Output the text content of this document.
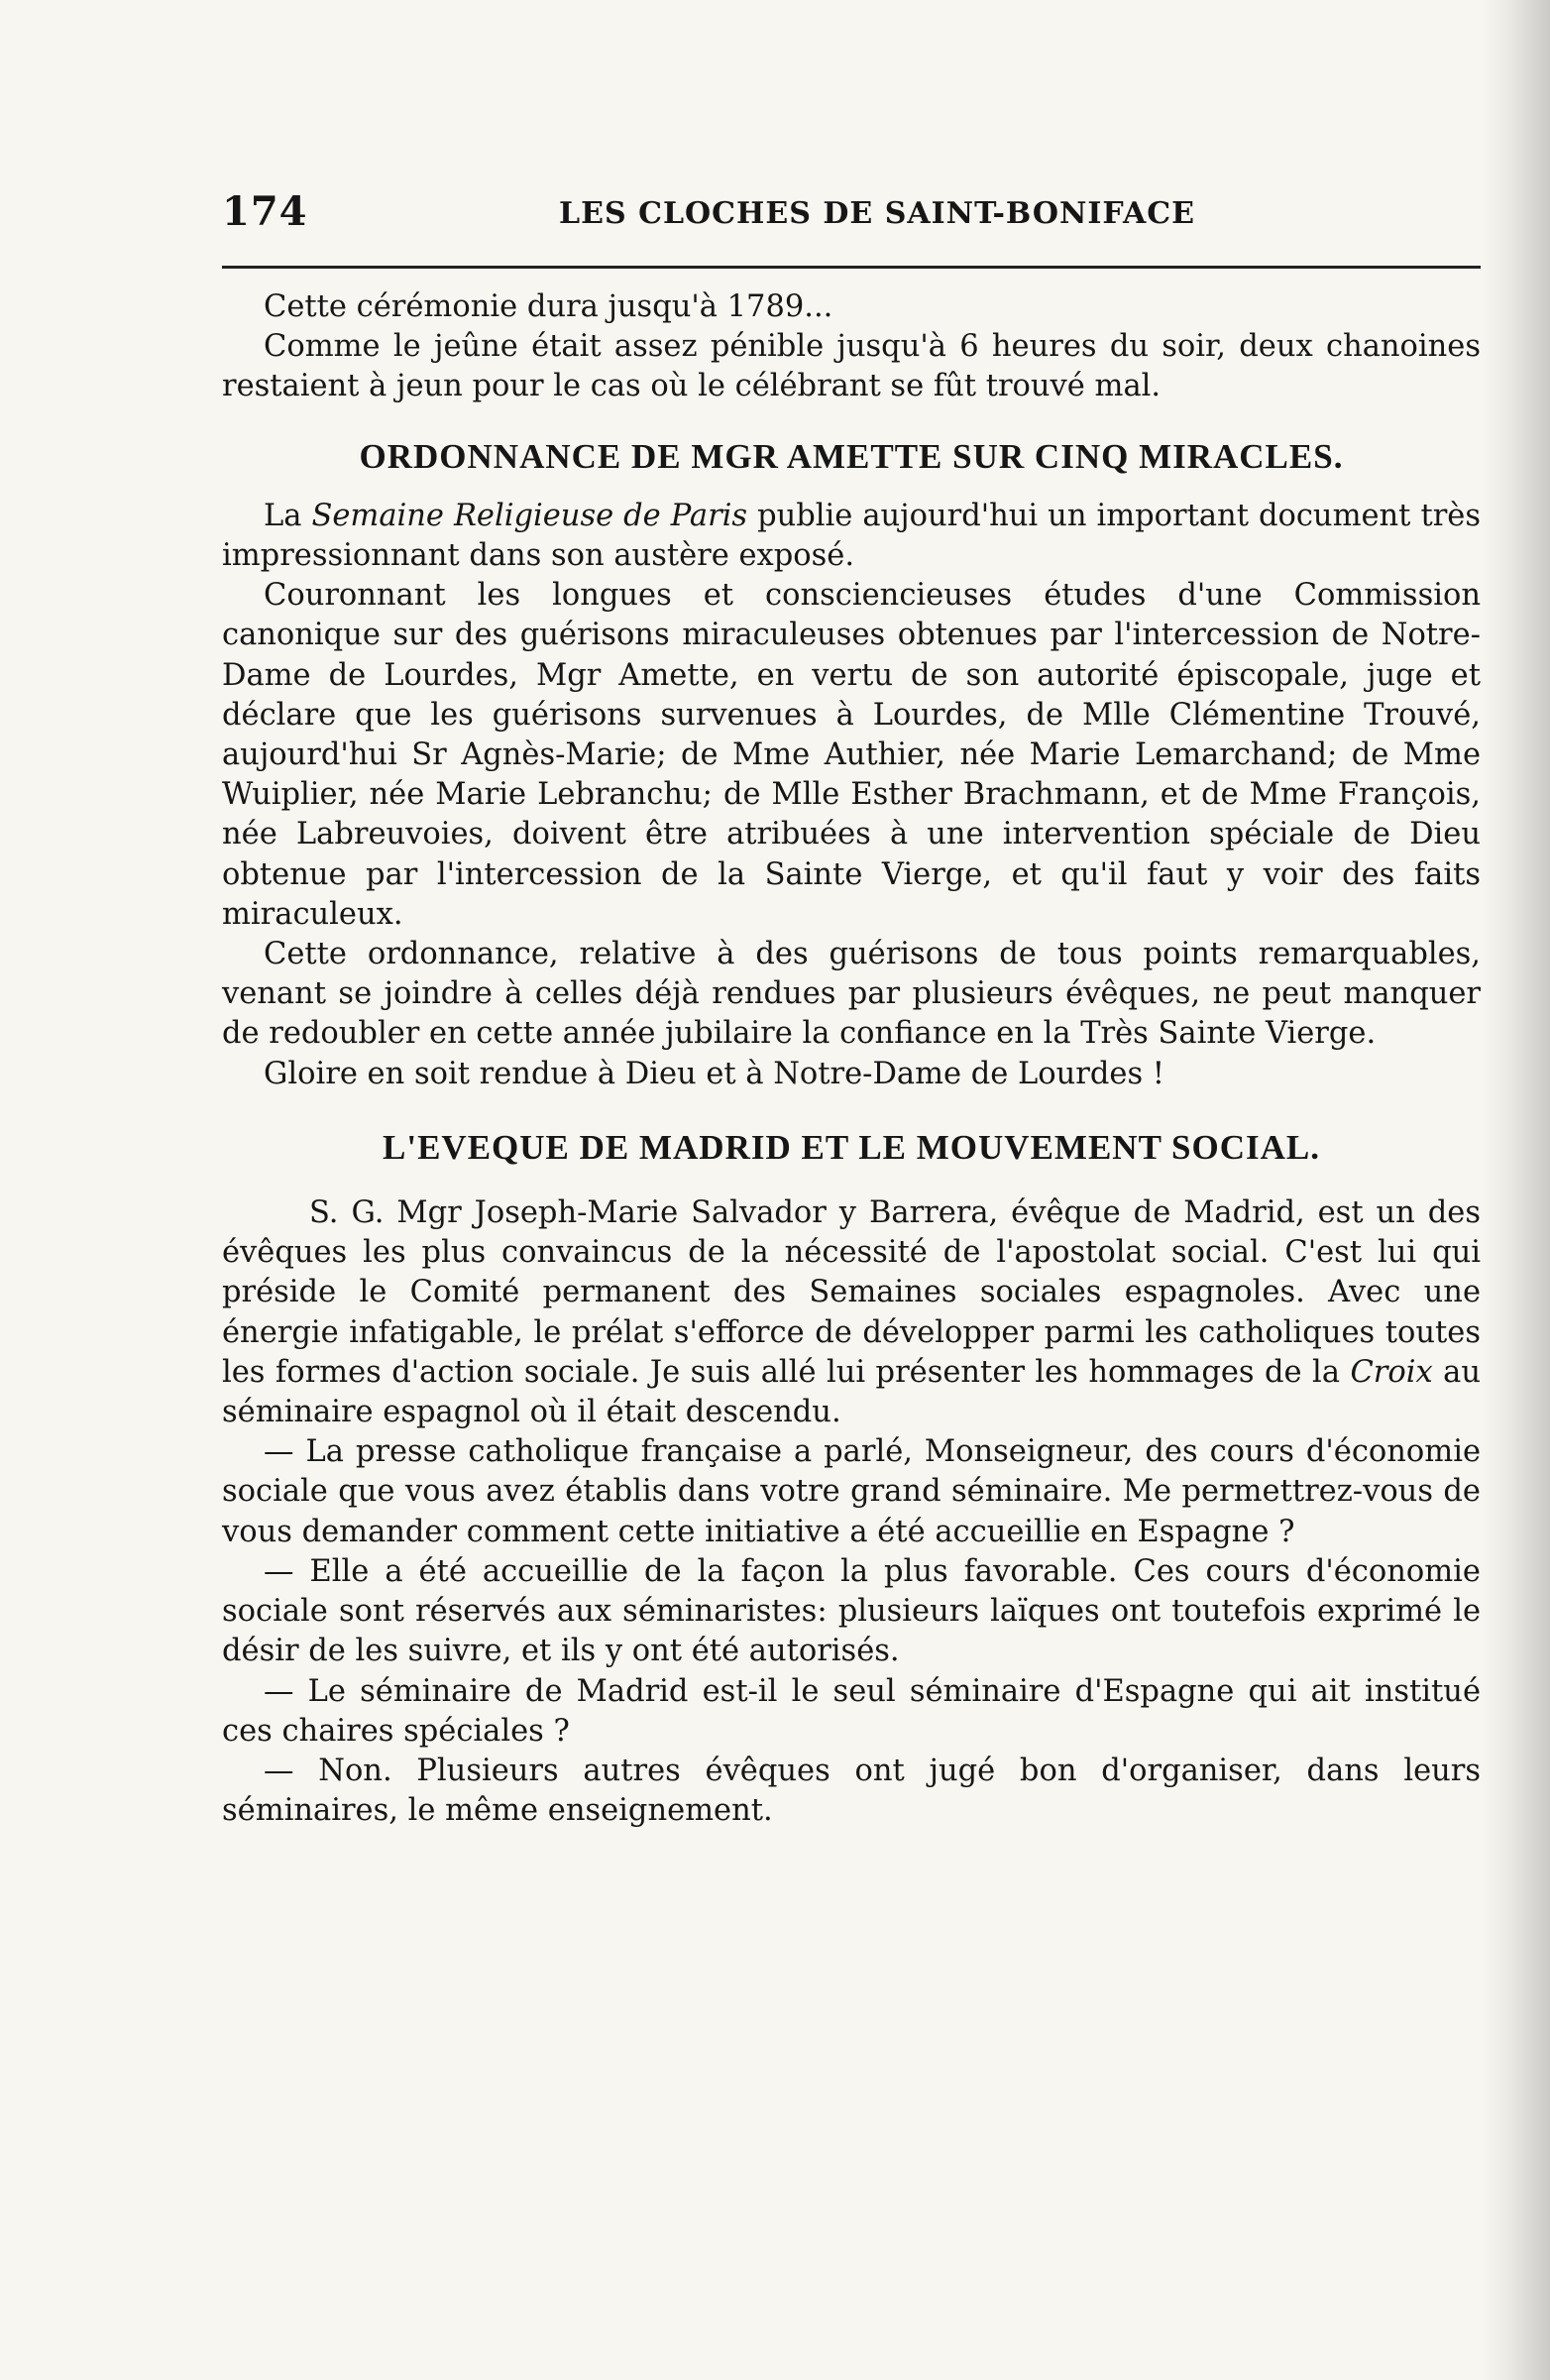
174	LES CLOCHES DE SAINT-BONIFACE

Cette cérémonie dura jusqu'à 1789...

Comme le jeûne était assez pénible jusqu'à 6 heures du soir, deux chanoines restaient à jeun pour le cas où le célébrant se fût trouvé mal.

ORDONNANCE DE MGR AMETTE SUR CINQ MIRACLES.

La Semaine Religieuse de Paris publie aujourd'hui un important document très impressionnant dans son austère exposé.

Couronnant les longues et consciencieuses études d'une Commission canonique sur des guérisons miraculeuses obtenues par l'intercession de Notre-Dame de Lourdes, Mgr Amette, en vertu de son autorité épiscopale, juge et déclare que les guérisons survenues à Lourdes, de Mlle Clémentine Trouvé, aujourd'hui Sr Agnès-Marie; de Mme Authier, née Marie Lemarchand; de Mme Wuiplier, née Marie Lebranchu; de Mlle Esther Brachmann, et de Mme François, née Labreuvoies, doivent être atribuées à une intervention spéciale de Dieu obtenue par l'intercession de la Sainte Vierge, et qu'il faut y voir des faits miraculeux.

Cette ordonnance, relative à des guérisons de tous points remarquables, venant se joindre à celles déjà rendues par plusieurs évêques, ne peut manquer de redoubler en cette année jubilaire la confiance en la Très Sainte Vierge.

Gloire en soit rendue à Dieu et à Notre-Dame de Lourdes !

L'EVEQUE DE MADRID ET LE MOUVEMENT SOCIAL.

S. G. Mgr Joseph-Marie Salvador y Barrera, évêque de Madrid, est un des évêques les plus convaincus de la nécessité de l'apostolat social. C'est lui qui préside le Comité permanent des Semaines sociales espagnoles. Avec une énergie infatigable, le prélat s'efforce de développer parmi les catholiques toutes les formes d'action sociale. Je suis allé lui présenter les hommages de la Croix au séminaire espagnol où il était descendu.

— La presse catholique française a parlé, Monseigneur, des cours d'économie sociale que vous avez établis dans votre grand séminaire. Me permettrez-vous de vous demander comment cette initiative a été accueillie en Espagne ?

— Elle a été accueillie de la façon la plus favorable. Ces cours d'économie sociale sont réservés aux séminaristes: plusieurs laïques ont toutefois exprimé le désir de les suivre, et ils y ont été autorisés.

— Le séminaire de Madrid est-il le seul séminaire d'Espagne qui ait institué ces chaires spéciales ?

— Non. Plusieurs autres évêques ont jugé bon d'organiser, dans leurs séminaires, le même enseignement.
